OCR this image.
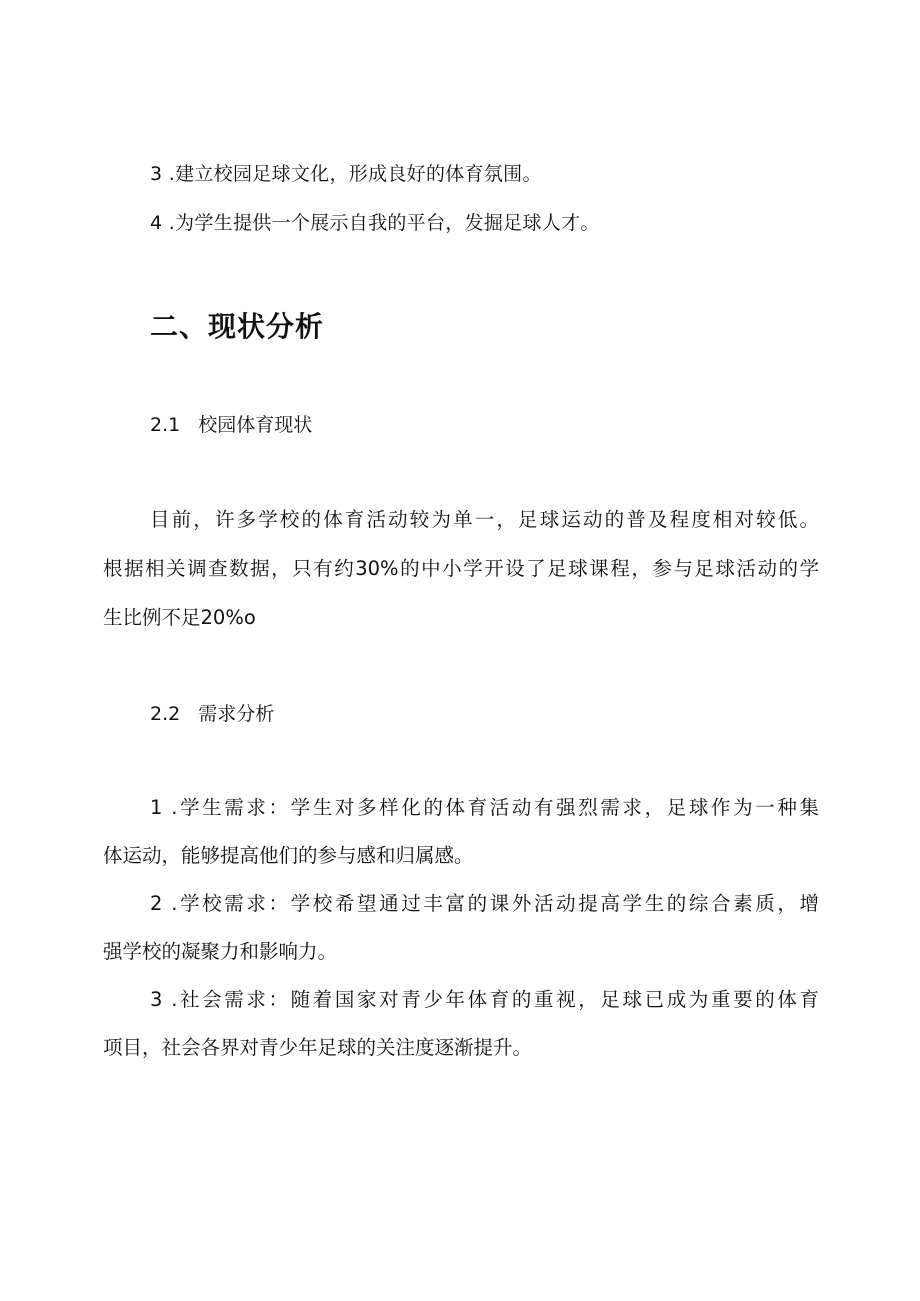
3 .建立校园足球文化，形成良好的体育氛围。
4 .为学生提供一个展示自我的平台，发掘足球人才。
二、现状分析
2.1 校园体育现状
目前，许多学校的体育活动较为单一，足球运动的普及程度相对较低。
根据相关调查数据，只有约30%的中小学开设了足球课程，参与足球活动的学
生比例不足20%o
2.2 需求分析
1 .学生需求：学生对多样化的体育活动有强烈需求，足球作为一种集
体运动，能够提高他们的参与感和归属感。
2 .学校需求：学校希望通过丰富的课外活动提高学生的综合素质，增
强学校的凝聚力和影响力。
3 .社会需求：随着国家对青少年体育的重视，足球已成为重要的体育
项目，社会各界对青少年足球的关注度逐渐提升。
